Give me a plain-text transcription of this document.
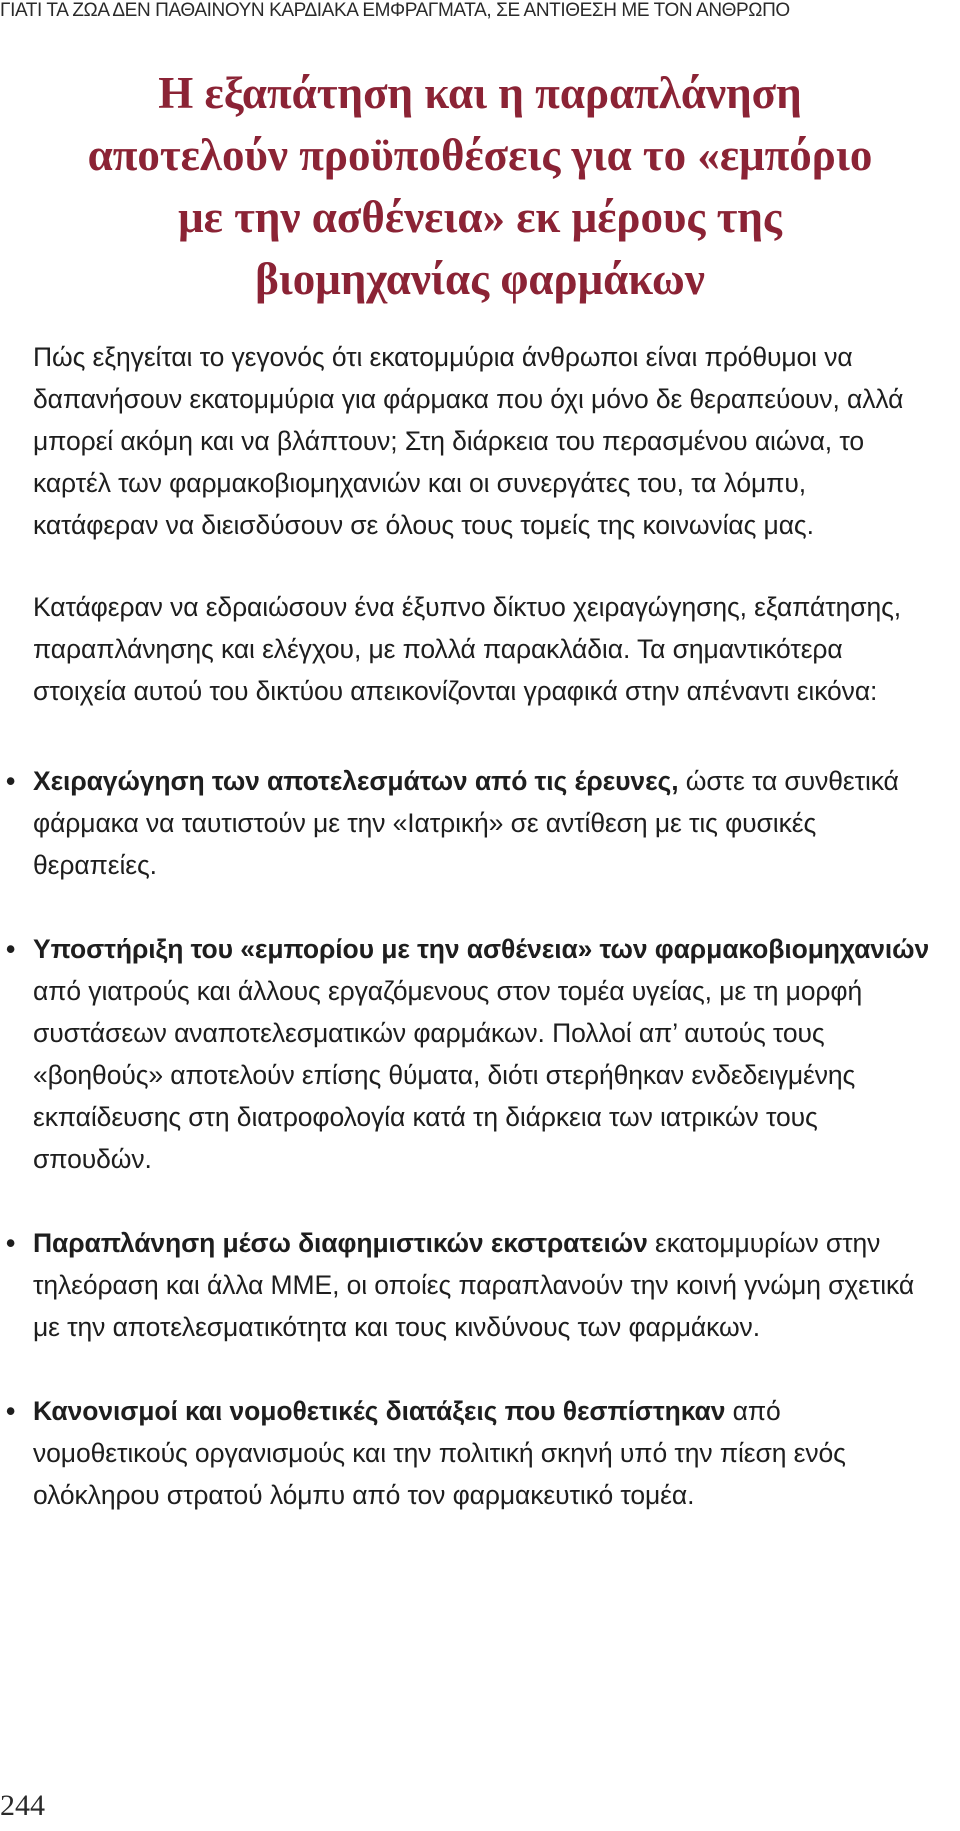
ΓΙΑΤΙ ΤΑ ΖΩΑ ΔΕΝ ΠΑΘΑΙΝΟΥΝ ΚΑΡΔΙΑΚΑ ΕΜΦΡΑΓΜΑΤΑ, ΣΕ ΑΝΤΙΘΕΣΗ ΜΕ ΤΟΝ ΑΝΘΡΩΠΟ

Η εξαπάτηση και η παραπλάνηση αποτελούν προϋποθέσεις για το «εμπόριο με την ασθένεια» εκ μέρους της βιομηχανίας φαρμάκων

Πώς εξηγείται το γεγονός ότι εκατομμύρια άνθρωποι είναι πρόθυμοι να δαπανήσουν εκατομμύρια για φάρμακα που όχι μόνο δε θεραπεύουν, αλλά μπορεί ακόμη και να βλάπτουν; Στη διάρκεια του περασμένου αιώνα, το καρτέλ των φαρμακοβιομηχανιών και οι συνεργάτες του, τα λόμπυ, κατάφεραν να διεισδύσουν σε όλους τους τομείς της κοινωνίας μας.

Κατάφεραν να εδραιώσουν ένα έξυπνο δίκτυο χειραγώγησης, εξαπάτησης, παραπλάνησης και ελέγχου, με πολλά παρακλάδια. Τα σημαντικότερα στοιχεία αυτού του δικτύου απεικονίζονται γραφικά στην απέναντι εικόνα:

• Χειραγώγηση των αποτελεσμάτων από τις έρευνες, ώστε τα συνθετικά φάρμακα να ταυτιστούν με την «Ιατρική» σε αντίθεση με τις φυσικές θεραπείες.
• Υποστήριξη του «εμπορίου με την ασθένεια» των φαρμακοβιομηχανιών από γιατρούς και άλλους εργαζόμενους στον τομέα υγείας, με τη μορφή συστάσεων αναποτελεσματικών φαρμάκων. Πολλοί απ’ αυτούς τους «βοηθούς» αποτελούν επίσης θύματα, διότι στερήθηκαν ενδεδειγμένης εκπαίδευσης στη διατροφολογία κατά τη διάρκεια των ιατρικών τους σπουδών.
• Παραπλάνηση μέσω διαφημιστικών εκστρατειών εκατομμυρίων στην τηλεόραση και άλλα ΜΜΕ, οι οποίες παραπλανούν την κοινή γνώμη σχετικά με την αποτελεσματικότητα και τους κινδύνους των φαρμάκων.
• Κανονισμοί και νομοθετικές διατάξεις που θεσπίστηκαν από νομοθετικούς οργανισμούς και την πολιτική σκηνή υπό την πίεση ενός ολόκληρου στρατού λόμπυ από τον φαρμακευτικό τομέα.

244
